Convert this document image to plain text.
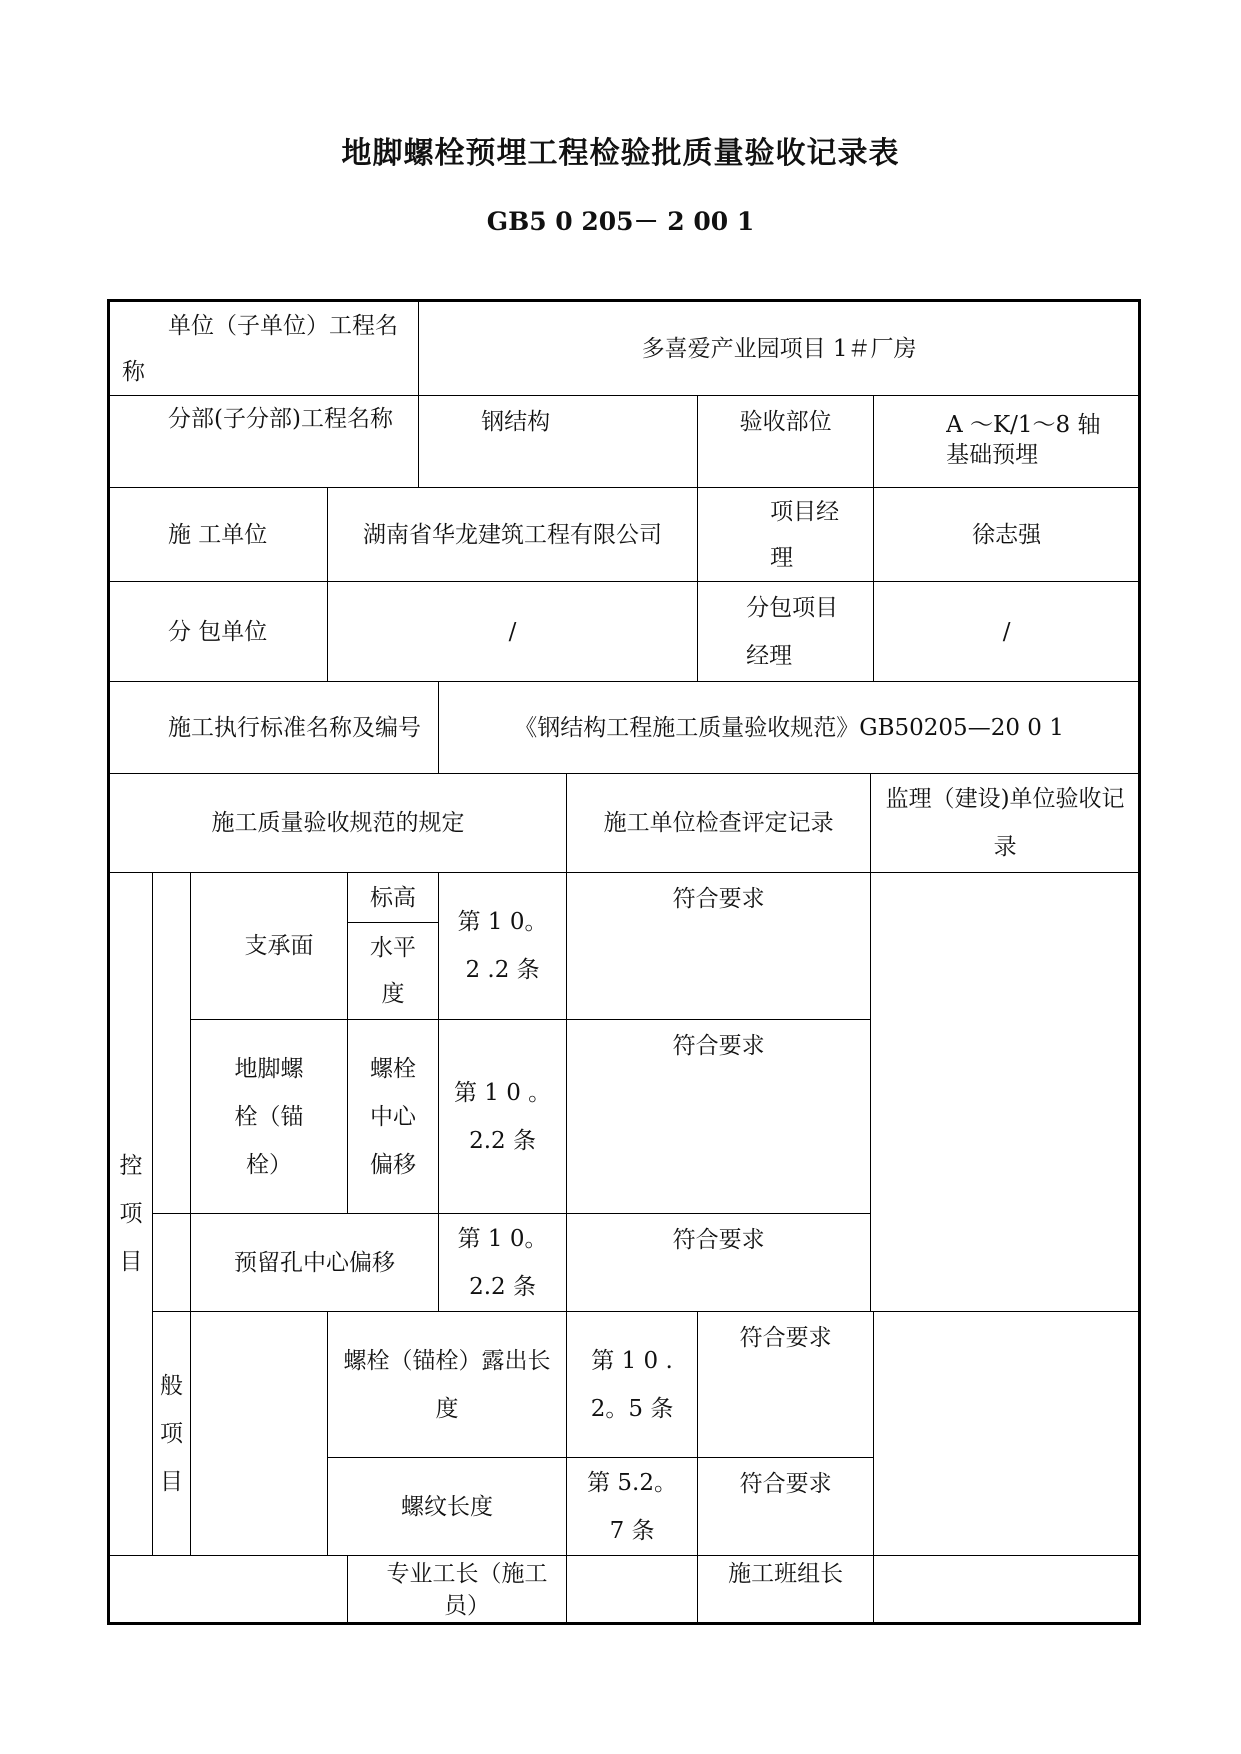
地脚螺栓预埋工程检验批质量验收记录表
GB5 0 205－ 2 00 1
单位（子单位）工程名称					多喜爱产业园项目 1＃厂房					
分部(子分部)工程名称					钢结构			验收部位		A ～K/1～8 轴基础预埋
施 工单位			湖南省华龙建筑工程有限公司					项目经理		徐志强
分 包单位			/					分包项目经理		/
施工执行标准名称及编号						《钢结构工程施工质量验收规范》GB50205—20 0 1				
施工质量验收规范的规定							施工单位检查评定记录		监理（建设)单位验收记录	
控项目		支承面		标高		第 1 0。2 .2 条	符合要求			
				水平度						
		地脚螺栓（锚栓）		螺栓中心偏移		第 1 0 。2.2 条	符合要求			
		预留孔中心偏移				第 1 0。 2.2 条	符合要求			
	般项目		螺栓（锚栓）露出长度				第 1 0 . 2。5 条	符合要求		
			螺纹长度				第 5.2。 7 条	符合要求		
				专业工长（施工员）				施工班组长		
